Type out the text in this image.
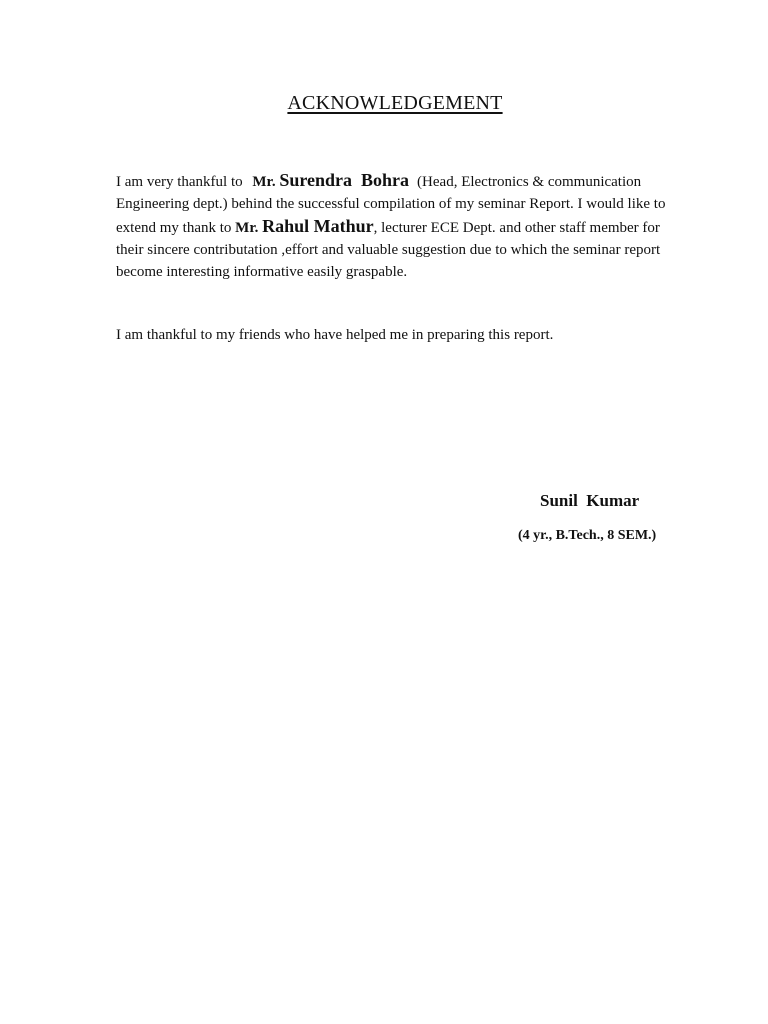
ACKNOWLEDGEMENT

I am very thankful to Mr. Surendra  Bohra (Head, Electronics & communication Engineering dept.) behind the successful compilation of my seminar Report. I would like to extend my thank to Mr. Rahul Mathur, lecturer ECE Dept. and other staff member for their sincere contributation ,effort and valuable suggestion due to which the seminar report become interesting informative easily graspable.

I am thankful to my friends who have helped me in preparing this report.

Sunil  Kumar

(4 yr., B.Tech., 8 SEM.)
